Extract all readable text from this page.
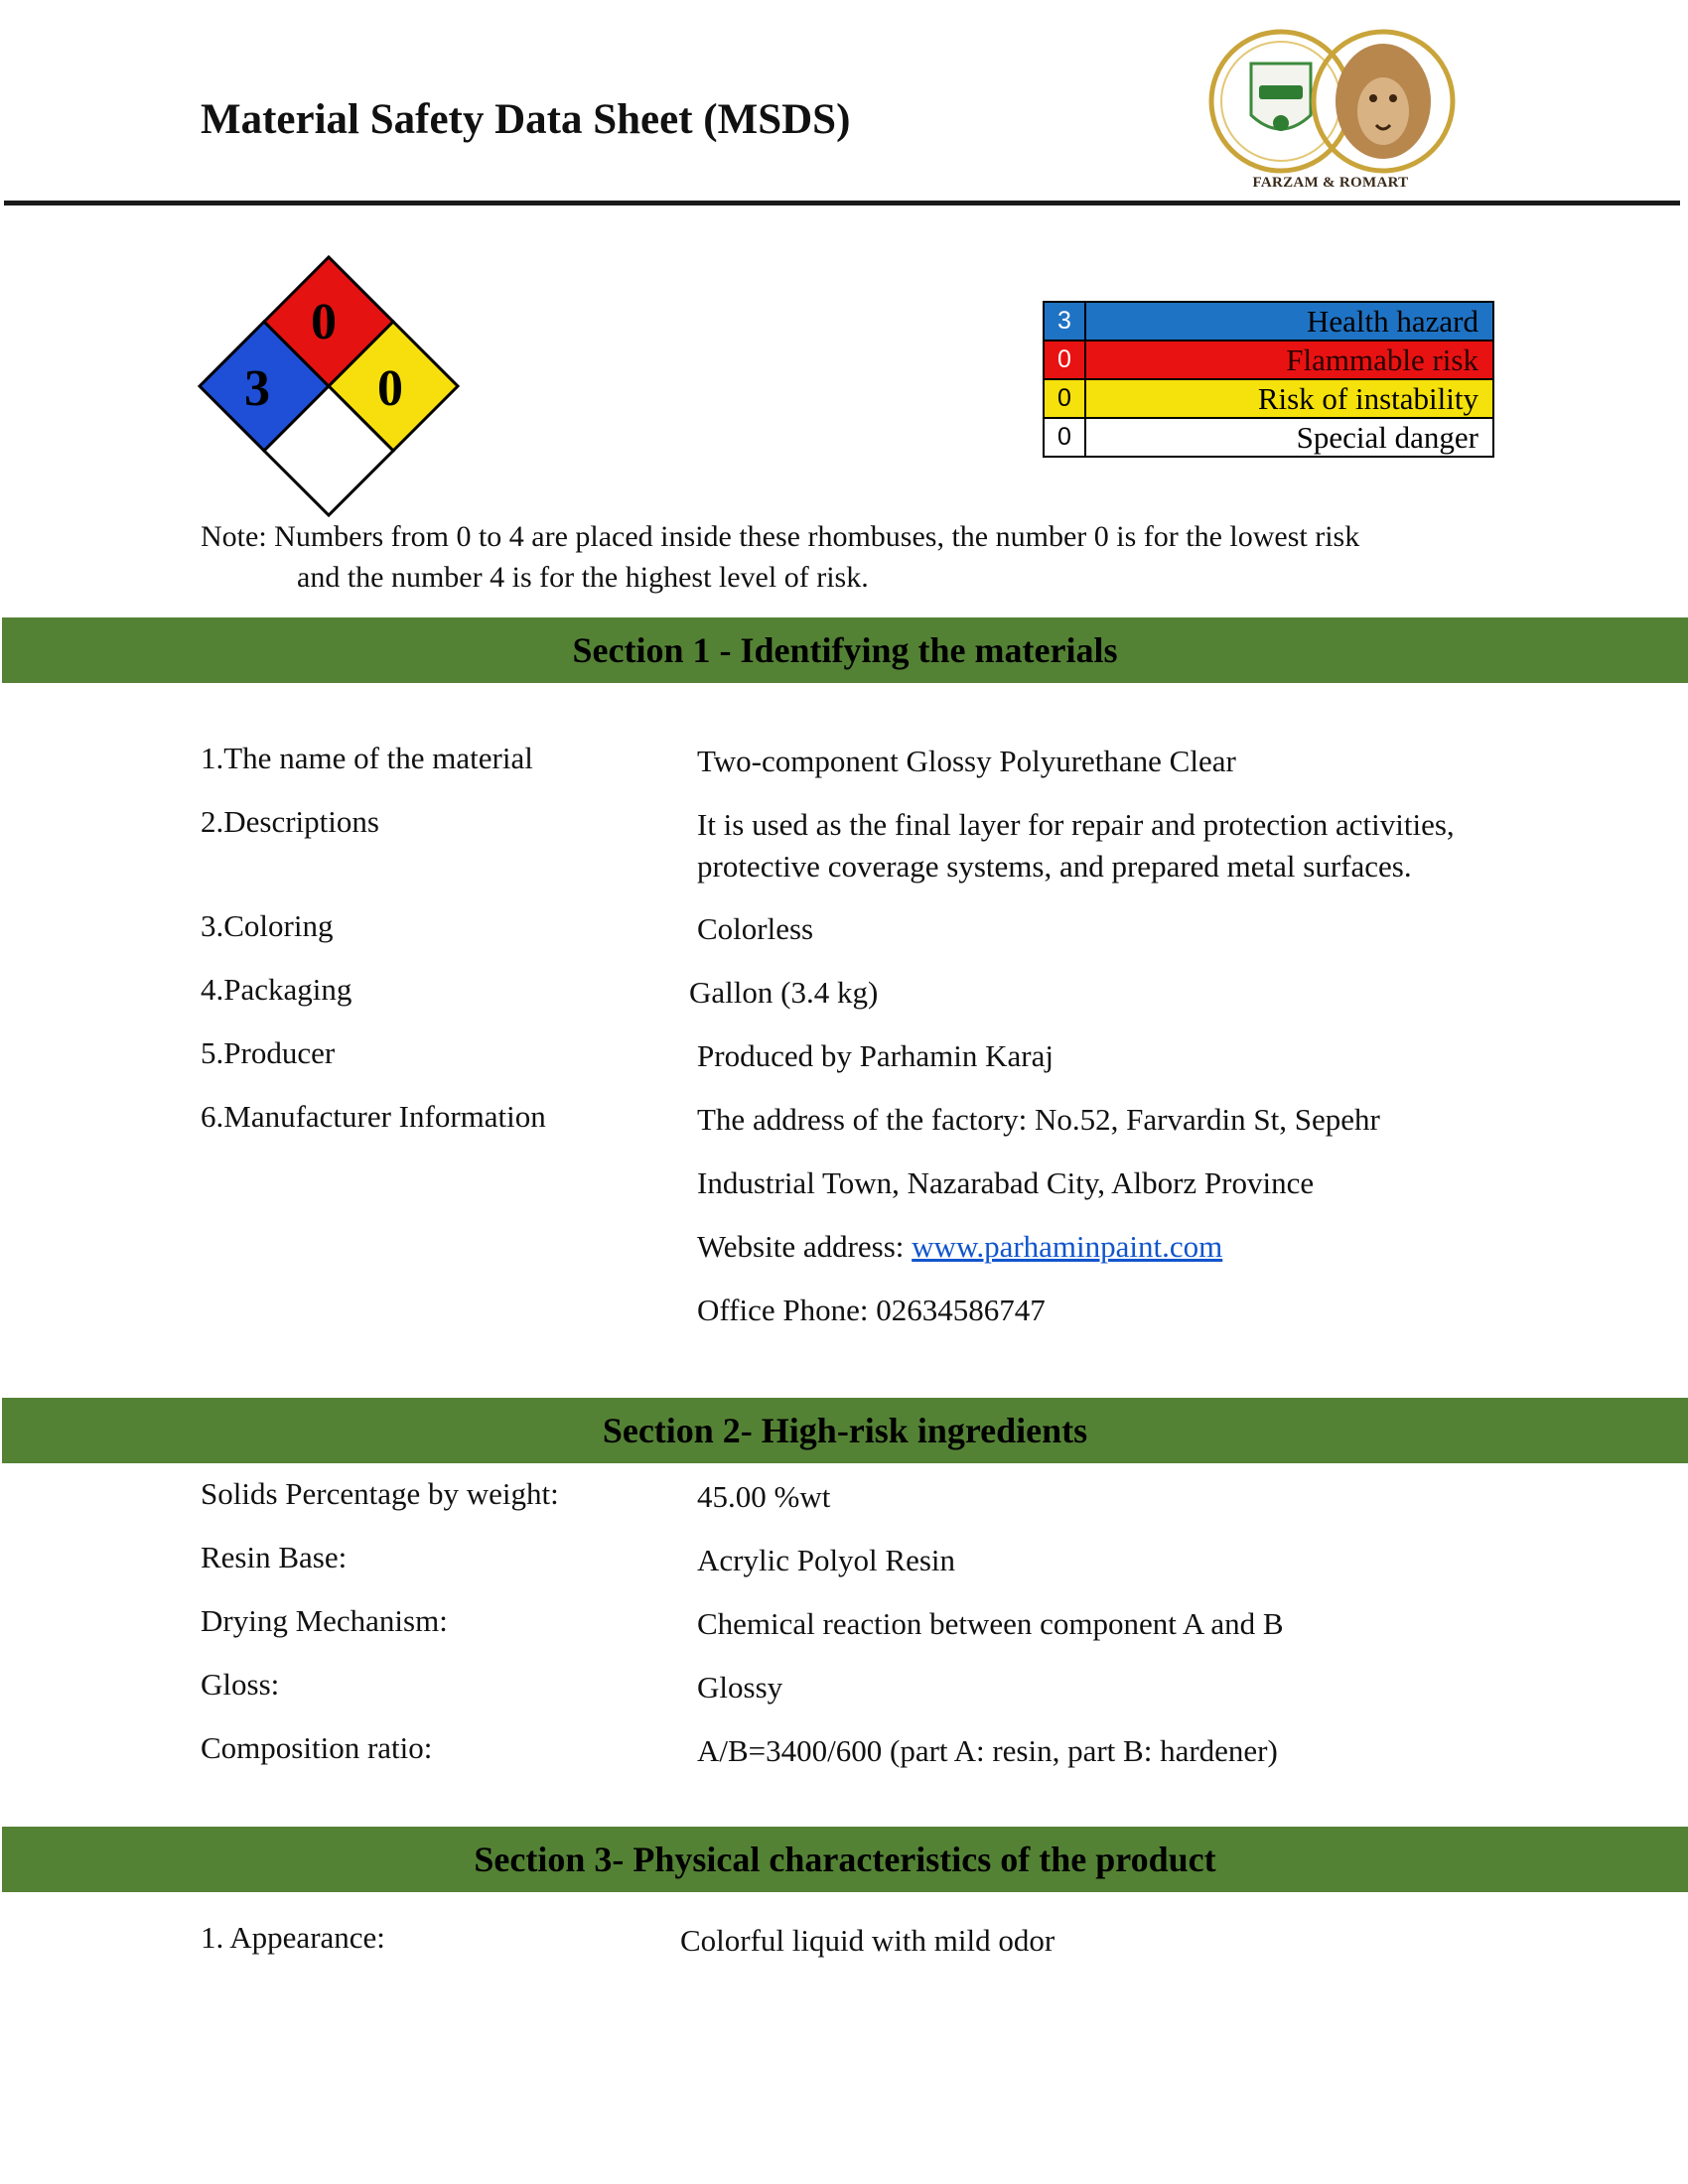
Material Safety Data Sheet (MSDS)
FARZAM & ROMART
0
3 0
3	Health hazard
0	Flammable risk
0	Risk of instability
0	Special danger
Note: Numbers from 0 to 4 are placed inside these rhombuses, the number 0 is for the lowest risk
and the number 4 is for the highest level of risk.
Section 1 - Identifying the materials
1.The name of the material	Two-component Glossy Polyurethane Clear
2.Descriptions	It is used as the final layer for repair and protection activities,
protective coverage systems, and prepared metal surfaces.
3.Coloring	Colorless
4.Packaging	Gallon (3.4 kg)
5.Producer	Produced by Parhamin Karaj
6.Manufacturer Information	The address of the factory: No.52, Farvardin St, Sepehr
Industrial Town, Nazarabad City, Alborz Province
Website address: www.parhaminpaint.com
Office Phone: 02634586747
Section 2- High-risk ingredients
Solids Percentage by weight:	45.00 %wt
Resin Base:	Acrylic Polyol Resin
Drying Mechanism:	Chemical reaction between component A and B
Gloss:	Glossy
Composition ratio:	A/B=3400/600 (part A: resin, part B: hardener)
Section 3- Physical characteristics of the product
1. Appearance:	Colorful liquid with mild odor
